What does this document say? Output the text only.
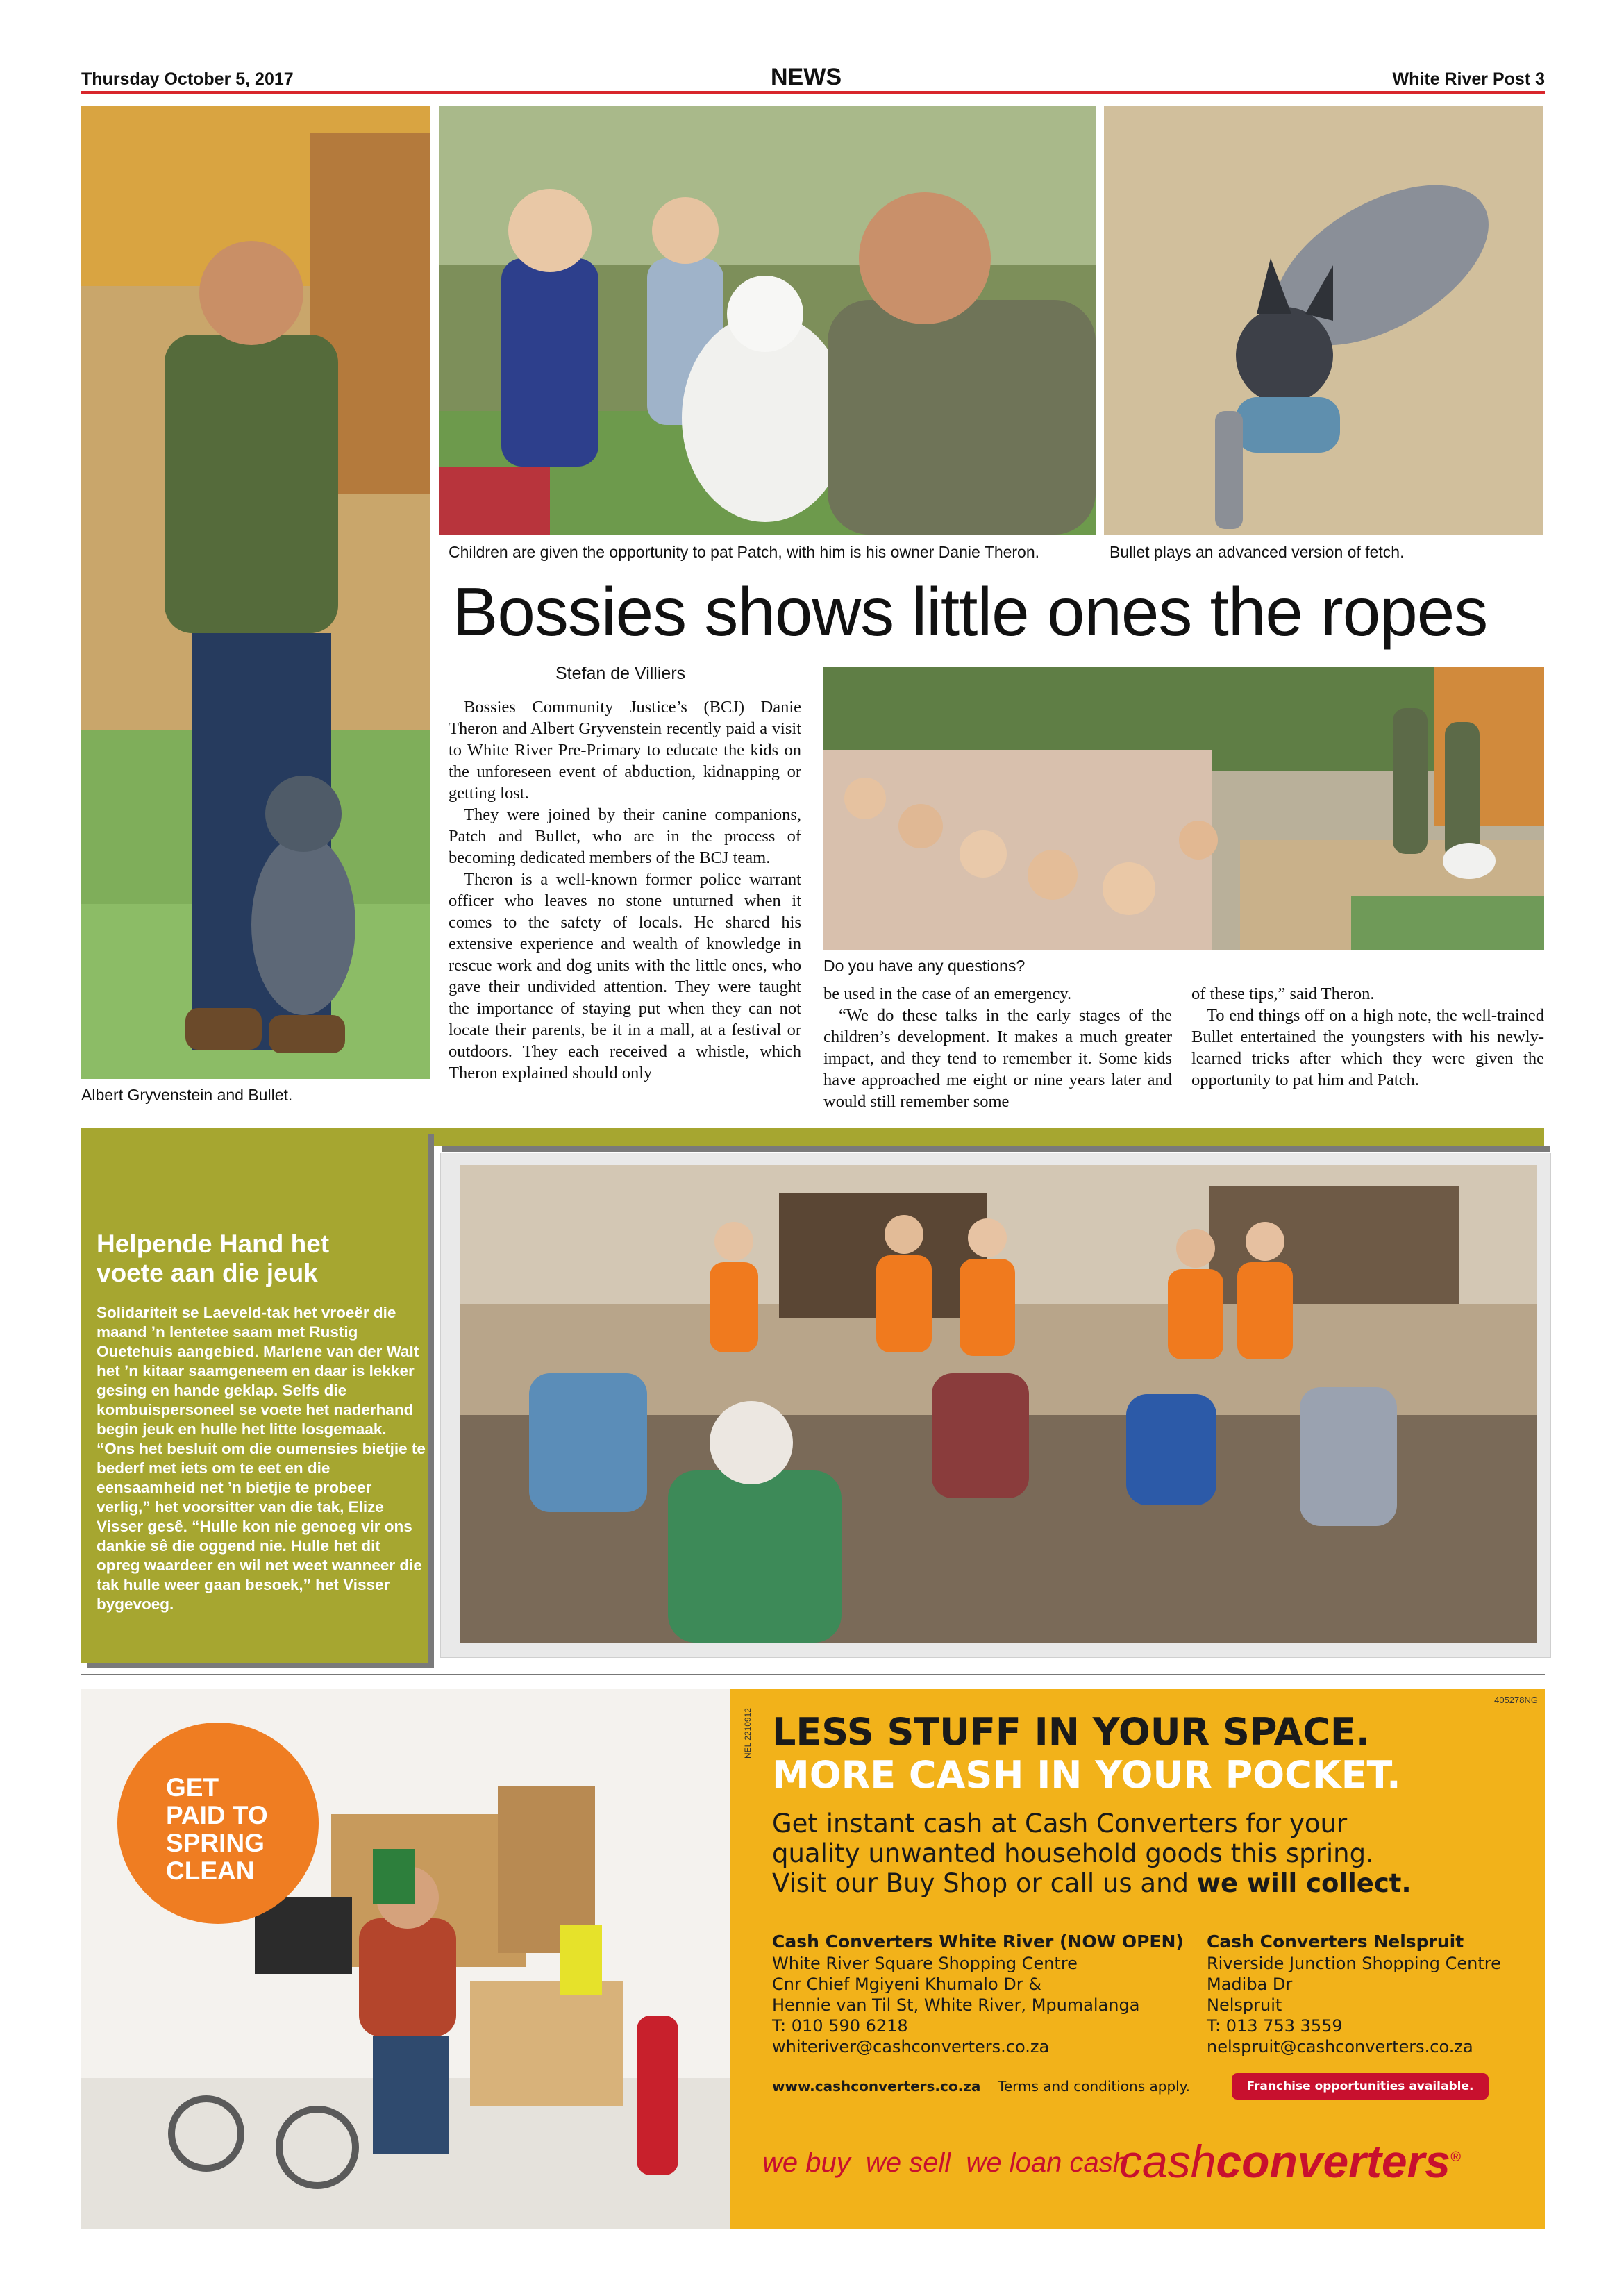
Thursday October 5, 2017	NEWS	White River Post 3
Albert Gryvenstein and Bullet.
Children are given the opportunity to pat Patch, with him is his owner Danie Theron.	Bullet plays an advanced version of fetch.
Bossies shows little ones the ropes
Stefan de Villiers

Bossies Community Justice’s (BCJ) Danie Theron and Albert Gryvenstein recently paid a visit to White River Pre-Primary to educate the kids on the unforeseen event of abduction, kidnapping or getting lost.

They were joined by their canine companions, Patch and Bullet, who are in the process of becoming dedicated members of the BCJ team.

Theron is a well-known former police warrant officer who leaves no stone unturned when it comes to the safety of locals. He shared his extensive experience and wealth of knowledge in rescue work and dog units with the little ones, who gave their undivided attention. They were taught the importance of staying put when they can not locate their parents, be it in a mall, at a festival or outdoors. They each received a whistle, which Theron explained should only

Do you have any questions?

be used in the case of an emergency.

“We do these talks in the early stages of the children’s development. It makes a much greater impact, and they tend to remember it. Some kids have approached me eight or nine years later and would still remember some

of these tips,” said Theron.

To end things off on a high note, the well-trained Bullet entertained the youngsters with his newly-learned tricks after which they were given the opportunity to pat him and Patch.

Helpende Hand het voete aan die jeuk
Solidariteit se Laeveld-tak het vroeër die maand ’n lentetee saam met Rustig Ouetehuis aangebied. Marlene van der Walt het ’n kitaar saamgeneem en daar is lekker gesing en hande geklap. Selfs die kombuispersoneel se voete het naderhand begin jeuk en hulle het litte losgemaak. “Ons het besluit om die oumensies bietjie te bederf met iets om te eet en die eensaamheid net ’n bietjie te probeer verlig,” het voorsitter van die tak, Elize Visser gesê. “Hulle kon nie genoeg vir ons dankie sê die oggend nie. Hulle het dit opreg waardeer en wil net weet wanneer die tak hulle weer gaan besoek,” het Visser bygevoeg.
GET
PAID TO
SPRING
CLEAN
NEL 2210912
405278NG
LESS STUFF IN YOUR SPACE.
MORE CASH IN YOUR POCKET.
Get instant cash at Cash Converters for your
quality unwanted household goods this spring.
Visit our Buy Shop or call us and we will collect.
Cash Converters White River (NOW OPEN)
White River Square Shopping Centre
Cnr Chief Mgiyeni Khumalo Dr &
Hennie van Til St, White River, Mpumalanga
T: 010 590 6218
whiteriver@cashconverters.co.za
Cash Converters Nelspruit
Riverside Junction Shopping Centre
Madiba Dr
Nelspruit
T: 013 753 3559
nelspruit@cashconverters.co.za
www.cashconverters.co.za Terms and conditions apply.	Franchise opportunities available.
we buy  we sell  we loan cash
cashconverters®
